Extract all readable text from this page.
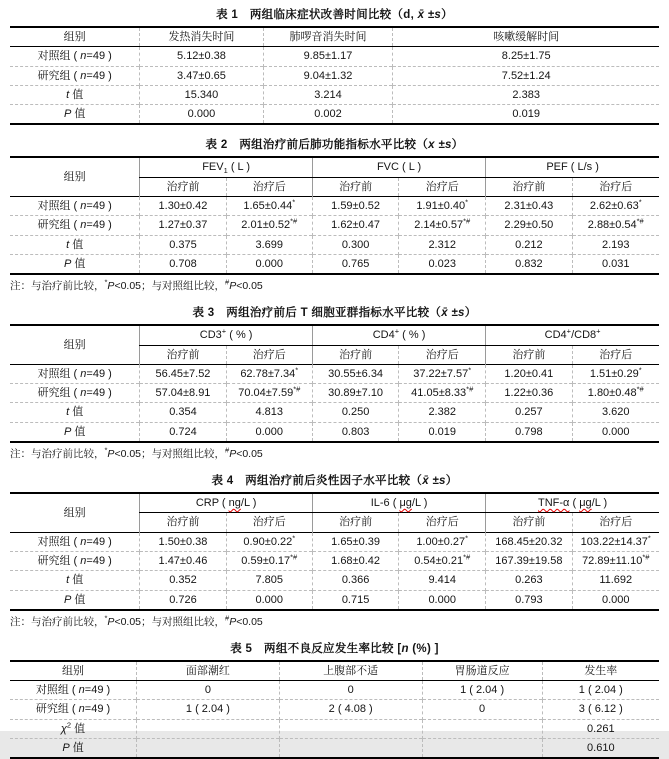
表 1　两组临床症状改善时间比较（d, x̄ ±s）
组别	发热消失时间	肺啰音消失时间	咳嗽缓解时间
对照组 ( n=49 )	5.12±0.38	9.85±1.17	8.25±1.75
研究组 ( n=49 )	3.47±0.65	9.04±1.32	7.52±1.24
t 值	15.340	3.214	2.383
P 值	0.000	0.002	0.019
表 2　两组治疗前后肺功能指标水平比较（x ±s）
组别	$FEV_1$ ( L )		FVC ( L )		PEF ( L/s )	
	治疗前	治疗后	治疗前	治疗后	治疗前	治疗后
对照组 ( n=49 )	1.30±0.42	1.65±0.44*	1.59±0.52	1.91±0.40*	2.31±0.43	2.62±0.63*
研究组 ( n=49 )	1.27±0.37	2.01±0.52*#	1.62±0.47	2.14±0.57*#	2.29±0.50	2.88±0.54*#
t 值	0.375	3.699	0.300	2.312	0.212	2.193
P 值	0.708	0.000	0.765	0.023	0.832	0.031
注：与治疗前比较，*P<0.05；与对照组比较，#P<0.05
表 3　两组治疗前后 T 细胞亚群指标水平比较（x̄ ±s）
组别	CD3+ ( % )		CD4+ ( % )		CD4+/CD8+
	治疗前	治疗后	治疗前	治疗后	治疗前	治疗后
对照组 ( n=49 )	56.45±7.52	62.78±7.34*	30.55±6.34	37.22±7.57*	1.20±0.41	1.51±0.29*
研究组 ( n=49 )	57.04±8.91	70.04±7.59*#	30.89±7.10	41.05±8.33*#	1.22±0.36	1.80±0.48*#
t 值	0.354	4.813	0.250	2.382	0.257	3.620
P 值	0.724	0.000	0.803	0.019	0.798	0.000
注：与治疗前比较，*P<0.05；与对照组比较，#P<0.05
表 4　两组治疗前后炎性因子水平比较（x̄ ±s）
组别	CRP ( ng/L )		IL-6 ( μg/L )		TNF-α ( μg/L )	
	治疗前	治疗后	治疗前	治疗后	治疗前	治疗后
对照组 ( n=49 )	1.50±0.38	0.90±0.22*	1.65±0.39	1.00±0.27*	168.45±20.32	103.22±14.37*
研究组 ( n=49 )	1.47±0.46	0.59±0.17*#	1.68±0.42	0.54±0.21*#	167.39±19.58	72.89±11.10*#
t 值	0.352	7.805	0.366	9.414	0.263	11.692
P 值	0.726	0.000	0.715	0.000	0.793	0.000
注：与治疗前比较，*P<0.05；与对照组比较，#P<0.05
表 5　两组不良反应发生率比较 [n (%) ]
组别	面部潮红	上腹部不适	胃肠道反应	发生率
对照组 ( n=49 )	0	0	1 ( 2.04 )	1 ( 2.04 )
研究组 ( n=49 )	1 ( 2.04 )	2 ( 4.08 )	0	3 ( 6.12 )
$\chi^2$ 值				0.261
P 值				0.610
